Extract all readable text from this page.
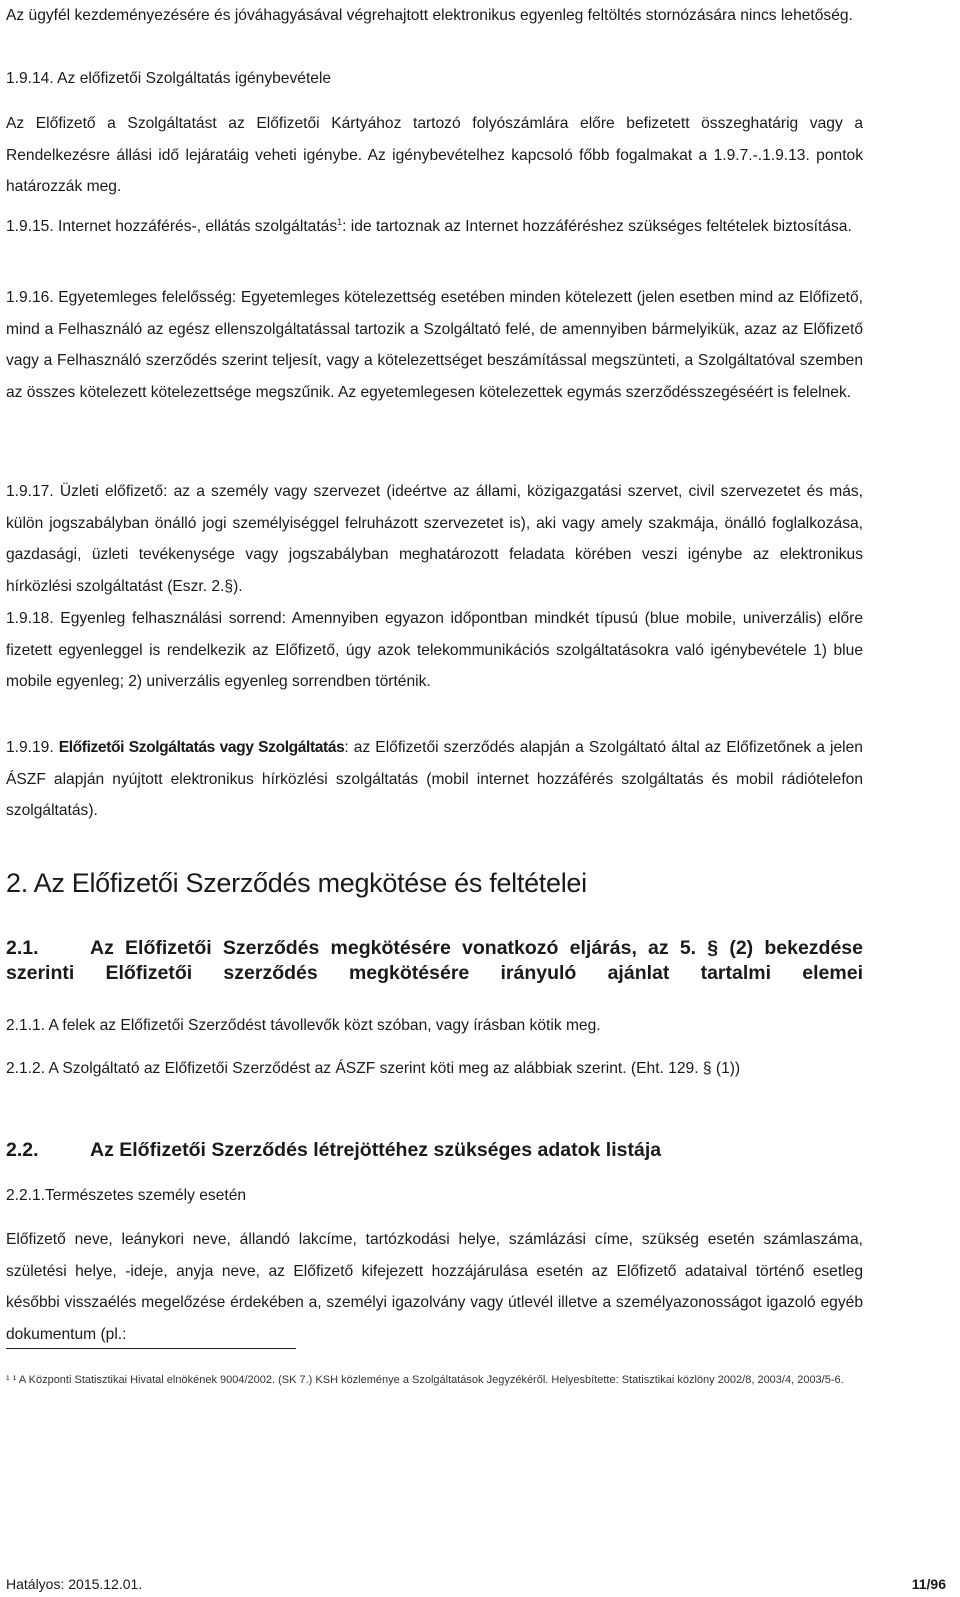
Az ügyfél kezdeményezésére és jóváhagyásával végrehajtott elektronikus egyenleg feltöltés stornózására nincs lehetőség.

1.9.14. Az előfizetői Szolgáltatás igénybevétele

Az Előfizető a Szolgáltatást az Előfizetői Kártyához tartozó folyószámlára előre befizetett összeghatárig vagy a Rendelkezésre állási idő lejáratáig veheti igénybe. Az igénybevételhez kapcsoló főbb fogalmakat a 1.9.7.-.1.9.13. pontok határozzák meg.

1.9.15. Internet hozzáférés-, ellátás szolgáltatás$^1$: ide tartoznak az Internet hozzáféréshez szükséges feltételek biztosítása.

1.9.16. Egyetemleges felelősség: Egyetemleges kötelezettség esetében minden kötelezett (jelen esetben mind az Előfizető, mind a Felhasználó az egész ellenszolgáltatással tartozik a Szolgáltató felé, de amennyiben bármelyikük, azaz az Előfizető vagy a Felhasználó szerződés szerint teljesít, vagy a kötelezettséget beszámítással megszünteti, a Szolgáltatóval szemben az összes kötelezett kötelezettsége megszűnik. Az egyetemlegesen kötelezettek egymás szerződésszegéséért is felelnek.

1.9.17. Üzleti előfizető: az a személy vagy szervezet (ideértve az állami, közigazgatási szervet, civil szervezetet és más, külön jogszabályban önálló jogi személyiséggel felruházott szervezetet is), aki vagy amely szakmája, önálló foglalkozása, gazdasági, üzleti tevékenysége vagy jogszabályban meghatározott feladata körében veszi igénybe az elektronikus hírközlési szolgáltatást (Eszr. 2.§).

1.9.18. Egyenleg felhasználási sorrend: Amennyiben egyazon időpontban mindkét típusú (blue mobile, univerzális) előre fizetett egyenleggel is rendelkezik az Előfizető, úgy azok telekommunikációs szolgáltatásokra való igénybevétele 1) blue mobile egyenleg; 2) univerzális egyenleg sorrendben történik.

1.9.19. Előfizetői Szolgáltatás vagy Szolgáltatás: az Előfizetői szerződés alapján a Szolgáltató által az Előfizetőnek a jelen ÁSZF alapján nyújtott elektronikus hírközlési szolgáltatás (mobil internet hozzáférés szolgáltatás és mobil rádiótelefon szolgáltatás).

2. Az Előfizetői Szerződés megkötése és feltételei
2.1.	Az Előfizetői Szerződés megkötésére vonatkozó eljárás, az 5. § (2) bekezdése szerinti Előfizetői szerződés megkötésére irányuló ajánlat tartalmi elemei

2.1.1. A felek az Előfizetői Szerződést távollevők közt szóban, vagy írásban kötik meg.

2.1.2. A Szolgáltató az Előfizetői Szerződést az ÁSZF szerint köti meg az alábbiak szerint. (Eht. 129. § (1))

2.2.	Az Előfizetői Szerződés létrejöttéhez szükséges adatok listája

2.2.1.Természetes személy esetén

Előfizető neve, leánykori neve, állandó lakcíme, tartózkodási helye, számlázási címe, szükség esetén számlaszáma, születési helye, -ideje, anyja neve, az Előfizető kifejezett hozzájárulása esetén az Előfizető adataival történő esetleg későbbi visszaélés megelőzése érdekében a, személyi igazolvány vagy útlevél illetve a személyazonosságot igazoló egyéb dokumentum (pl.:

¹ ¹ A Központi Statisztikai Hivatal elnökének 9004/2002. (SK 7.) KSH közleménye a Szolgáltatások Jegyzékéről. Helyesbítette: Statisztikai közlöny 2002/8, 2003/4, 2003/5-6.

Hatályos: 2015.12.01.	11/96
